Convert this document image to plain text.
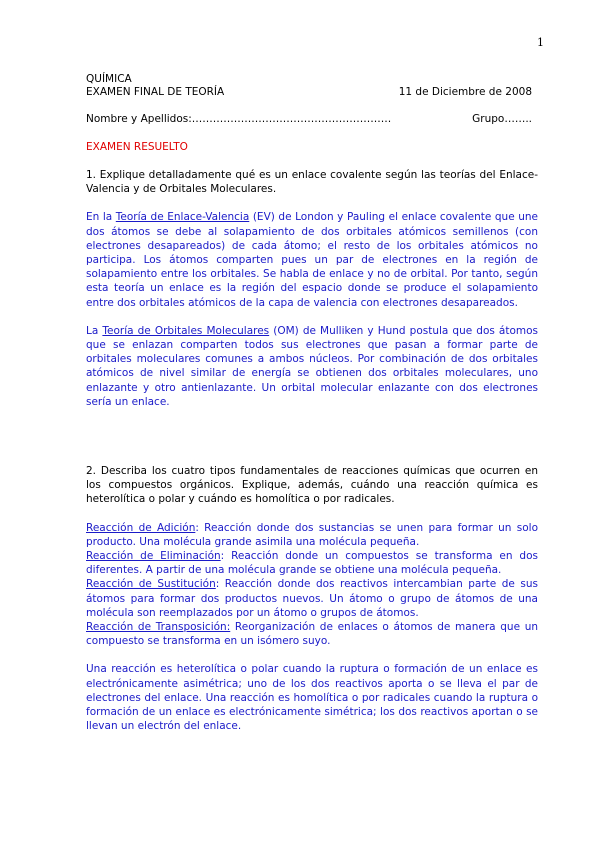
1
QUÍMICA
EXAMEN FINAL DE TEORÍA	11 de Diciembre de 2008
Nombre y Apellidos:…………………………………………………	Grupo……..
EXAMEN RESUELTO

1. Explique detalladamente qué es un enlace covalente según las teorías del Enlace-Valencia y de Orbitales Moleculares.

En la Teoría de Enlace-Valencia (EV) de London y Pauling el enlace covalente que une dos átomos se debe al solapamiento de dos orbitales atómicos semillenos (con electrones desapareados) de cada átomo; el resto de los orbitales atómicos no participa. Los átomos comparten pues un par de electrones en la región de solapamiento entre los orbitales. Se habla de enlace y no de orbital. Por tanto, según esta teoría un enlace es la región del espacio donde se produce el solapamiento entre dos orbitales atómicos de la capa de valencia con electrones desapareados.

La Teoría de Orbitales Moleculares (OM) de Mulliken y Hund postula que dos átomos que se enlazan comparten todos sus electrones que pasan a formar parte de orbitales moleculares comunes a ambos núcleos. Por combinación de dos orbitales atómicos de nivel similar de energía se obtienen dos orbitales moleculares, uno enlazante y otro antienlazante. Un orbital molecular enlazante con dos electrones sería un enlace.

2. Describa los cuatro tipos fundamentales de reacciones químicas que ocurren en los compuestos orgánicos. Explique, además, cuándo una reacción química es heterolítica o polar y cuándo es homolítica o por radicales.

Reacción de Adición: Reacción donde dos sustancias se unen para formar un solo producto. Una molécula grande asimila una molécula pequeña.

Reacción de Eliminación: Reacción donde un compuestos se transforma en dos diferentes. A partir de una molécula grande se obtiene una molécula pequeña.

Reacción de Sustitución: Reacción donde dos reactivos intercambian parte de sus átomos para formar dos productos nuevos. Un átomo o grupo de átomos de una molécula son reemplazados por un átomo o grupos de átomos.

Reacción de Transposición: Reorganización de enlaces o átomos de manera que un compuesto se transforma en un isómero suyo.

Una reacción es heterolítica o polar cuando la ruptura o formación de un enlace es electrónicamente asimétrica; uno de los dos reactivos aporta o se lleva el par de electrones del enlace. Una reacción es homolítica o por radicales cuando la ruptura o formación de un enlace es electrónicamente simétrica; los dos reactivos aportan o se llevan un electrón del enlace.
